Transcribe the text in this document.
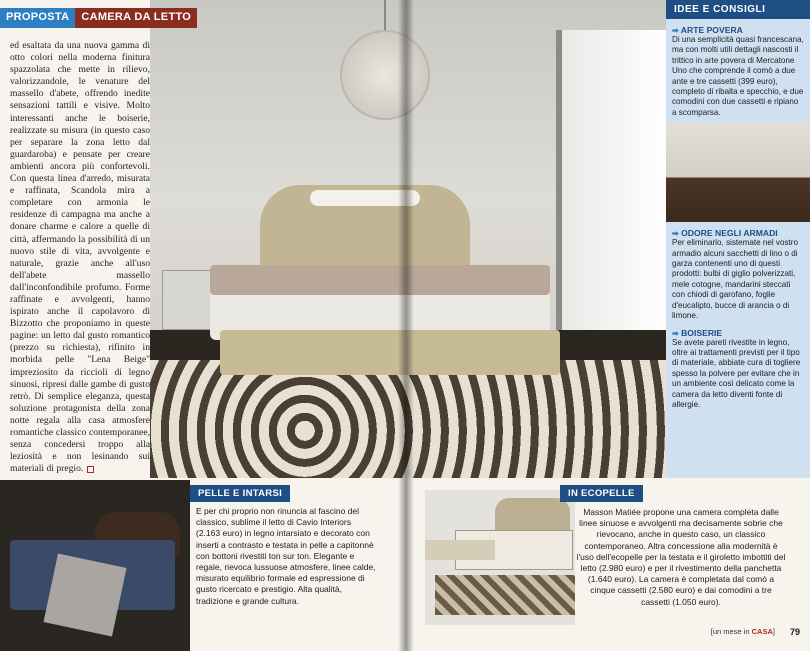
PROPOSTA	CAMERA DA LETTO
ed esaltata da una nuova gamma di otto colori nella moderna finitura spazzolata che mette in rilievo, valorizzandole, le venature del massello d'abete, offrendo inedite sensazioni tattili e visive. Molto interessanti anche le boiserie, realizzate su misura (in questo caso per separare la zona letto dal guardaroba) e pensate per creare ambienti ancora più confortevoli. Con questa linea d'arredo, misurata e raffinata, Scandola mira a completare con armonia le residenze di campagna ma anche a donare charme e calore a quelle di città, affermando la possibilità di un nuovo stile di vita, avvolgente e naturale, grazie anche all'uso dell'abete massello dall'inconfondibile profumo. Forme raffinate e avvolgenti, hanno ispirato anche il capolavoro di Bizzotto che proponiamo in queste pagine: un letto dal gusto romantico (prezzo su richiesta), rifinito in morbida pelle "Lena Beige" impreziosito da riccioli di legno sinuosi, ripresi dalle gambe di gusto retrò. Di semplice eleganza, questa soluzione protagonista della zona notte regala alla casa atmosfere romantiche classico contemporanee, senza concedersi troppo alla leziosità e non lesinando sui materiali di pregio.
IDEE E CONSIGLI
➡ ARTE POVERA

Di una semplicità quasi francescana, ma con molti utili dettagli nascosti il trittico in arte povera di Mercatone Uno che comprende il comò a due ante e tre cassetti (399 euro), completo di ribalta e specchio, e due comodini con due cassetti e ripiano a scomparsa.

➡ ODORE NEGLI ARMADI

Per eliminarlo, sistemate nel vostro armadio alcuni sacchetti di lino o di garza contenenti uno di questi prodotti: bulbi di giglio polverizzati, mele cotogne, mandarini steccati con chiodi di garofano, foglie d'eucalipto, bucce di arancia o di limone.

➡ BOISERIE

Se avete pareti rivestite in legno, oltre ai trattamenti previsti per il tipo di materiale, abbiate cura di togliere spesso la polvere per evitare che in un ambiente così delicato come la camera da letto diventi fonte di allergie.

PELLE E INTARSI

E per chi proprio non rinuncia al fascino del classico, sublime il letto di Cavio Interiors (2.163 euro) in legno intarsiato e decorato con inserti a contrasto e testata in pelle a capitonnè con bottoni rivestiti ton sur ton. Elegante e regale, rievoca lussuose atmosfere, linee calde, misurato equilibrio formale ed espressione di gusto ricercato e prestigio. Alta qualità, tradizione e grande cultura.

IN ECOPELLE

Masson Matiée propone una camera completa dalle linee sinuose e avvolgenti ma decisamente sobrie che rievocano, anche in questo caso, un classico contemporaneo. Altra concessione alla modernità è l'uso dell'ecopelle per la testata e il giroletto imbottiti del letto (2.980 euro) e per il rivestimento della panchetta (1.640 euro). La camera è completata dal comò a cinque cassetti (2.580 euro) e dai comodini a tre cassetti (1.050 euro).

[un mese in CASA] 79
